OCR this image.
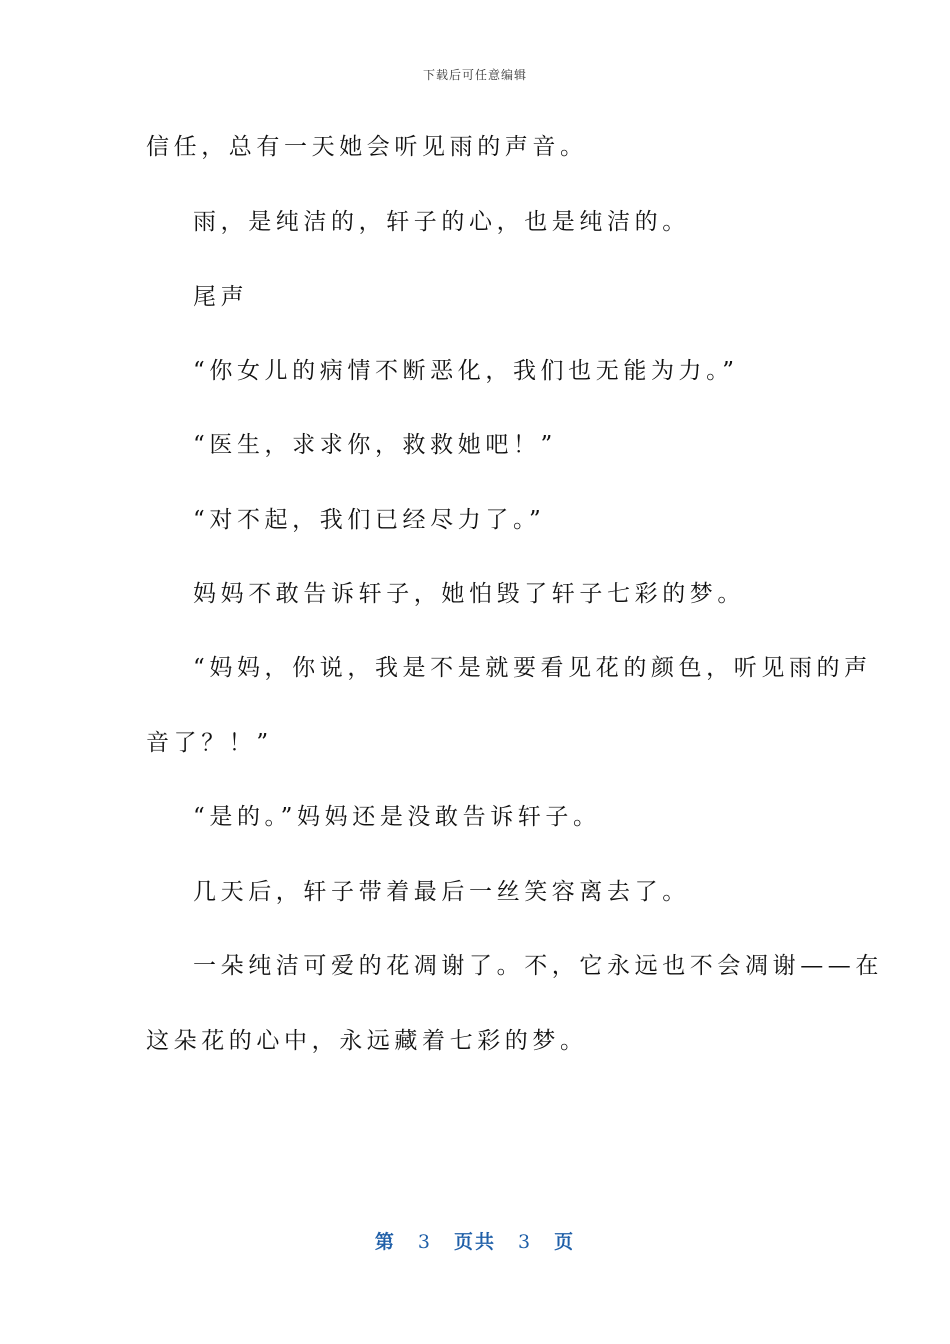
下载后可任意编辑
信任，总有一天她会听见雨的声音。
雨，是纯洁的，轩子的心，也是纯洁的。
尾声
“你女儿的病情不断恶化，我们也无能为力。”
“医生，求求你，救救她吧！”
“对不起，我们已经尽力了。”
妈妈不敢告诉轩子，她怕毁了轩子七彩的梦。
“妈妈，你说，我是不是就要看见花的颜色，听见雨的声
音了？！”
“是的。”妈妈还是没敢告诉轩子。
几天后，轩子带着最后一丝笑容离去了。
一朵纯洁可爱的花凋谢了。不，它永远也不会凋谢——在
这朵花的心中，永远藏着七彩的梦。
第 3 页共 3 页
